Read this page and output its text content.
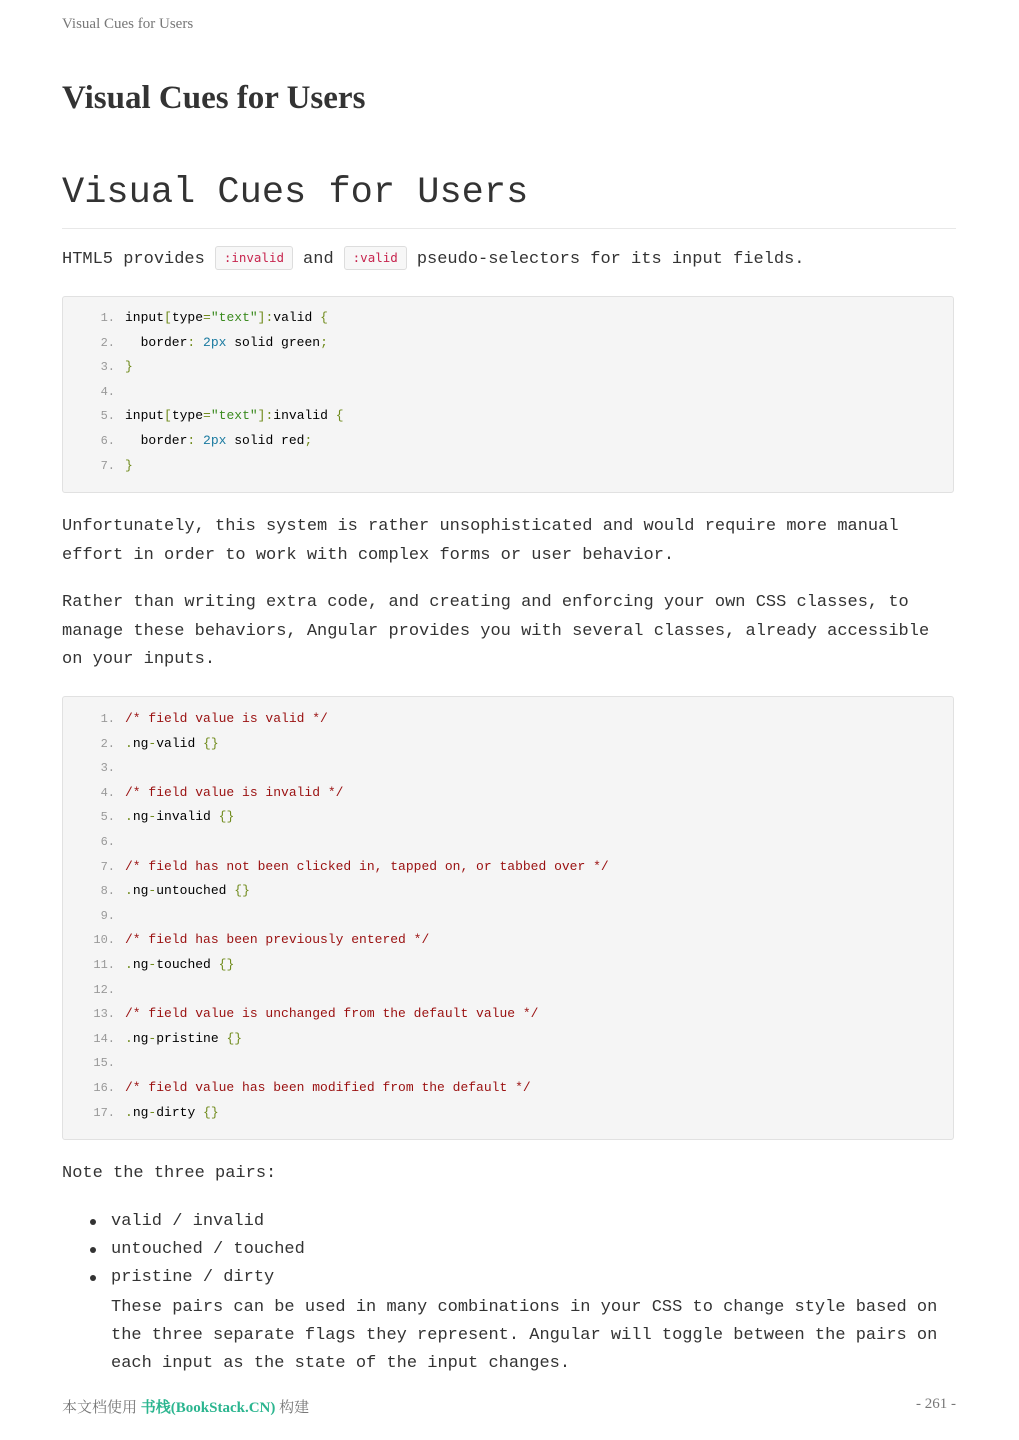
Visual Cues for Users
Visual Cues for Users
Visual Cues for Users

HTML5 provides :invalid and :valid pseudo-selectors for its input fields.

1. input[type="text"]:valid {
2.  border: 2px solid green;
3. }
4.
5. input[type="text"]:invalid {
6.  border: 2px solid red;
7. }

Unfortunately, this system is rather unsophisticated and would require more manual effort in order to work with complex forms or user behavior.

Rather than writing extra code, and creating and enforcing your own CSS classes, to manage these behaviors, Angular provides you with several classes, already accessible on your inputs.

1. /* field value is valid */
2. .ng-valid {}
3.
4. /* field value is invalid */
5. .ng-invalid {}
6.
7. /* field has not been clicked in, tapped on, or tabbed over */
8. .ng-untouched {}
9.
10. /* field has been previously entered */
11. .ng-touched {}
12.
13. /* field value is unchanged from the default value */
14. .ng-pristine {}
15.
16. /* field value has been modified from the default */
17. .ng-dirty {}

Note the three pairs:

valid / invalid
untouched / touched
pristine / dirty
These pairs can be used in many combinations in your CSS to change style based on the three separate flags they represent. Angular will toggle between the pairs on each input as the state of the input changes.
本文档使用 书栈(BookStack.CN) 构建	- 261 -
